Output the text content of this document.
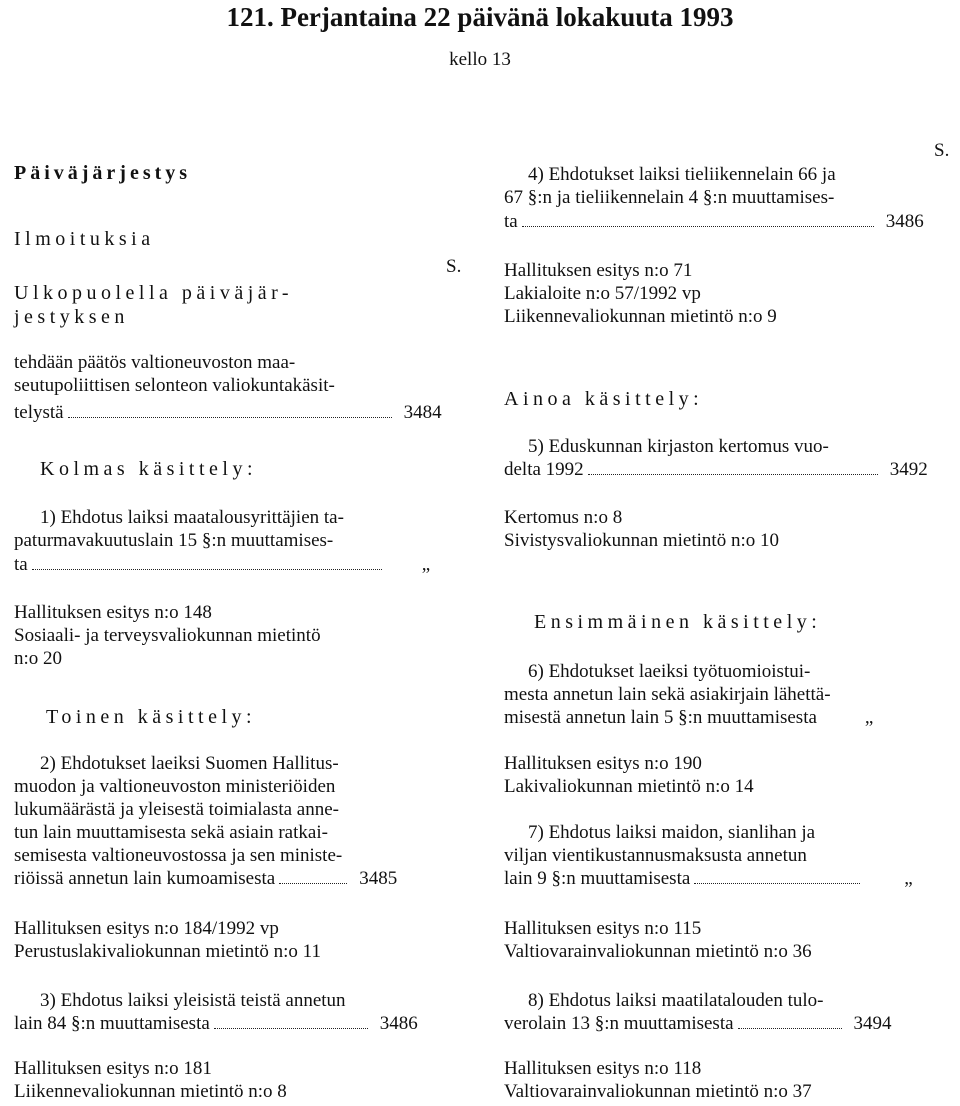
121. Perjantaina 22 päivänä lokakuuta 1993
kello 13
Päiväjärjestys
Ilmoituksia
S.
Ulkopuolella päiväjär-
jestyksen
tehdään päätös valtioneuvoston maa-
seutupoliittisen selonteon valiokuntakäsit-
telystä	3484
Kolmas käsittely:
1) Ehdotus laiksi maatalousyrittäjien ta-
paturmavakuutuslain 15 §:n muuttamises-
ta	„
Hallituksen esitys n:o 148
Sosiaali- ja terveysvaliokunnan mietintö
n:o 20
Toinen käsittely:
2) Ehdotukset laeiksi Suomen Hallitus-
muodon ja valtioneuvoston ministeriöiden
lukumäärästä ja yleisestä toimialasta anne-
tun lain muuttamisesta sekä asiain ratkai-
semisesta valtioneuvostossa ja sen ministe-
riöissä annetun lain kumoamisesta	3485
Hallituksen esitys n:o 184/1992 vp
Perustuslakivaliokunnan mietintö n:o 11
3) Ehdotus laiksi yleisistä teistä annetun
lain 84 §:n muuttamisesta	3486
Hallituksen esitys n:o 181
Liikennevaliokunnan mietintö n:o 8
S.
4) Ehdotukset laiksi tieliikennelain 66 ja
67 §:n ja tieliikennelain 4 §:n muuttamises-
ta	3486
Hallituksen esitys n:o 71
Lakialoite n:o 57/1992 vp
Liikennevaliokunnan mietintö n:o 9
Ainoa käsittely:
5) Eduskunnan kirjaston kertomus vuo-
delta 1992	3492
Kertomus n:o 8
Sivistysvaliokunnan mietintö n:o 10
Ensimmäinen käsittely:
6) Ehdotukset laeiksi työtuomioistui-
mesta annetun lain sekä asiakirjain lähettä-
misestä annetun lain 5 §:n muuttamisesta	„
Hallituksen esitys n:o 190
Lakivaliokunnan mietintö n:o 14
7) Ehdotus laiksi maidon, sianlihan ja
viljan vientikustannusmaksusta annetun
lain 9 §:n muuttamisesta	„
Hallituksen esitys n:o 115
Valtiovarainvaliokunnan mietintö n:o 36
8) Ehdotus laiksi maatilatalouden tulo-
verolain 13 §:n muuttamisesta	3494
Hallituksen esitys n:o 118
Valtiovarainvaliokunnan mietintö n:o 37
